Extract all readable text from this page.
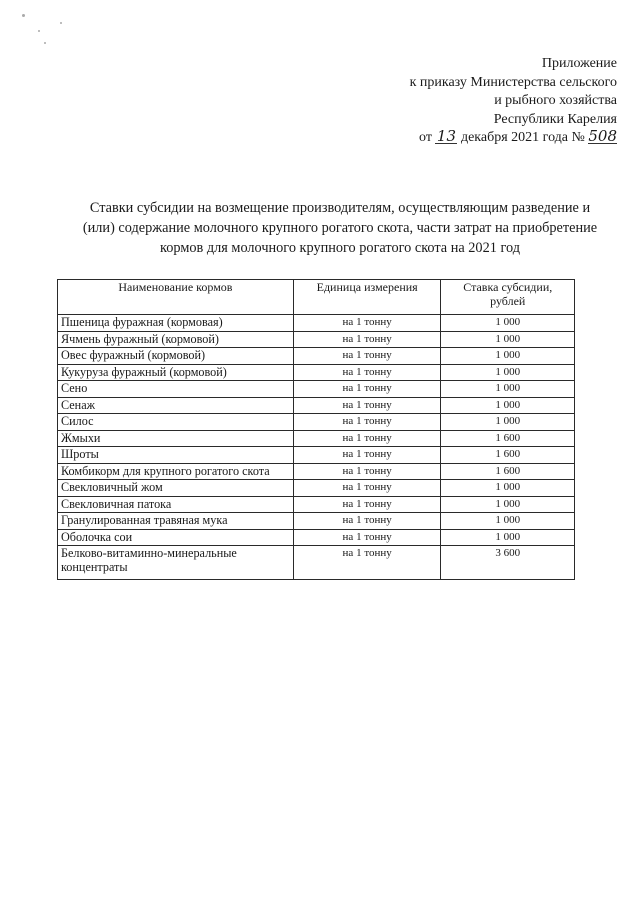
Приложение
к приказу Министерства сельского
и рыбного хозяйства
Республики Карелия
от 13 декабря 2021 года № 508
Ставки субсидии на возмещение производителям, осуществляющим разведение и
(или) содержание молочного крупного рогатого скота, части затрат на приобретение
кормов для молочного крупного рогатого скота на 2021 год
Наименование кормов	Единица измерения	Ставка субсидии, рублей
Пшеница фуражная (кормовая)	на 1 тонну	1 000
Ячмень фуражный (кормовой)	на 1 тонну	1 000
Овес фуражный (кормовой)	на 1 тонну	1 000
Кукуруза фуражный (кормовой)	на 1 тонну	1 000
Сено	на 1 тонну	1 000
Сенаж	на 1 тонну	1 000
Силос	на 1 тонну	1 000
Жмыхи	на 1 тонну	1 600
Шроты	на 1 тонну	1 600
Комбикорм для крупного рогатого скота	на 1 тонну	1 600
Свекловичный жом	на 1 тонну	1 000
Свекловичная патока	на 1 тонну	1 000
Гранулированная травяная мука	на 1 тонну	1 000
Оболочка сои	на 1 тонну	1 000
Белково-витаминно-минеральные концентраты	на 1 тонну	3 600
